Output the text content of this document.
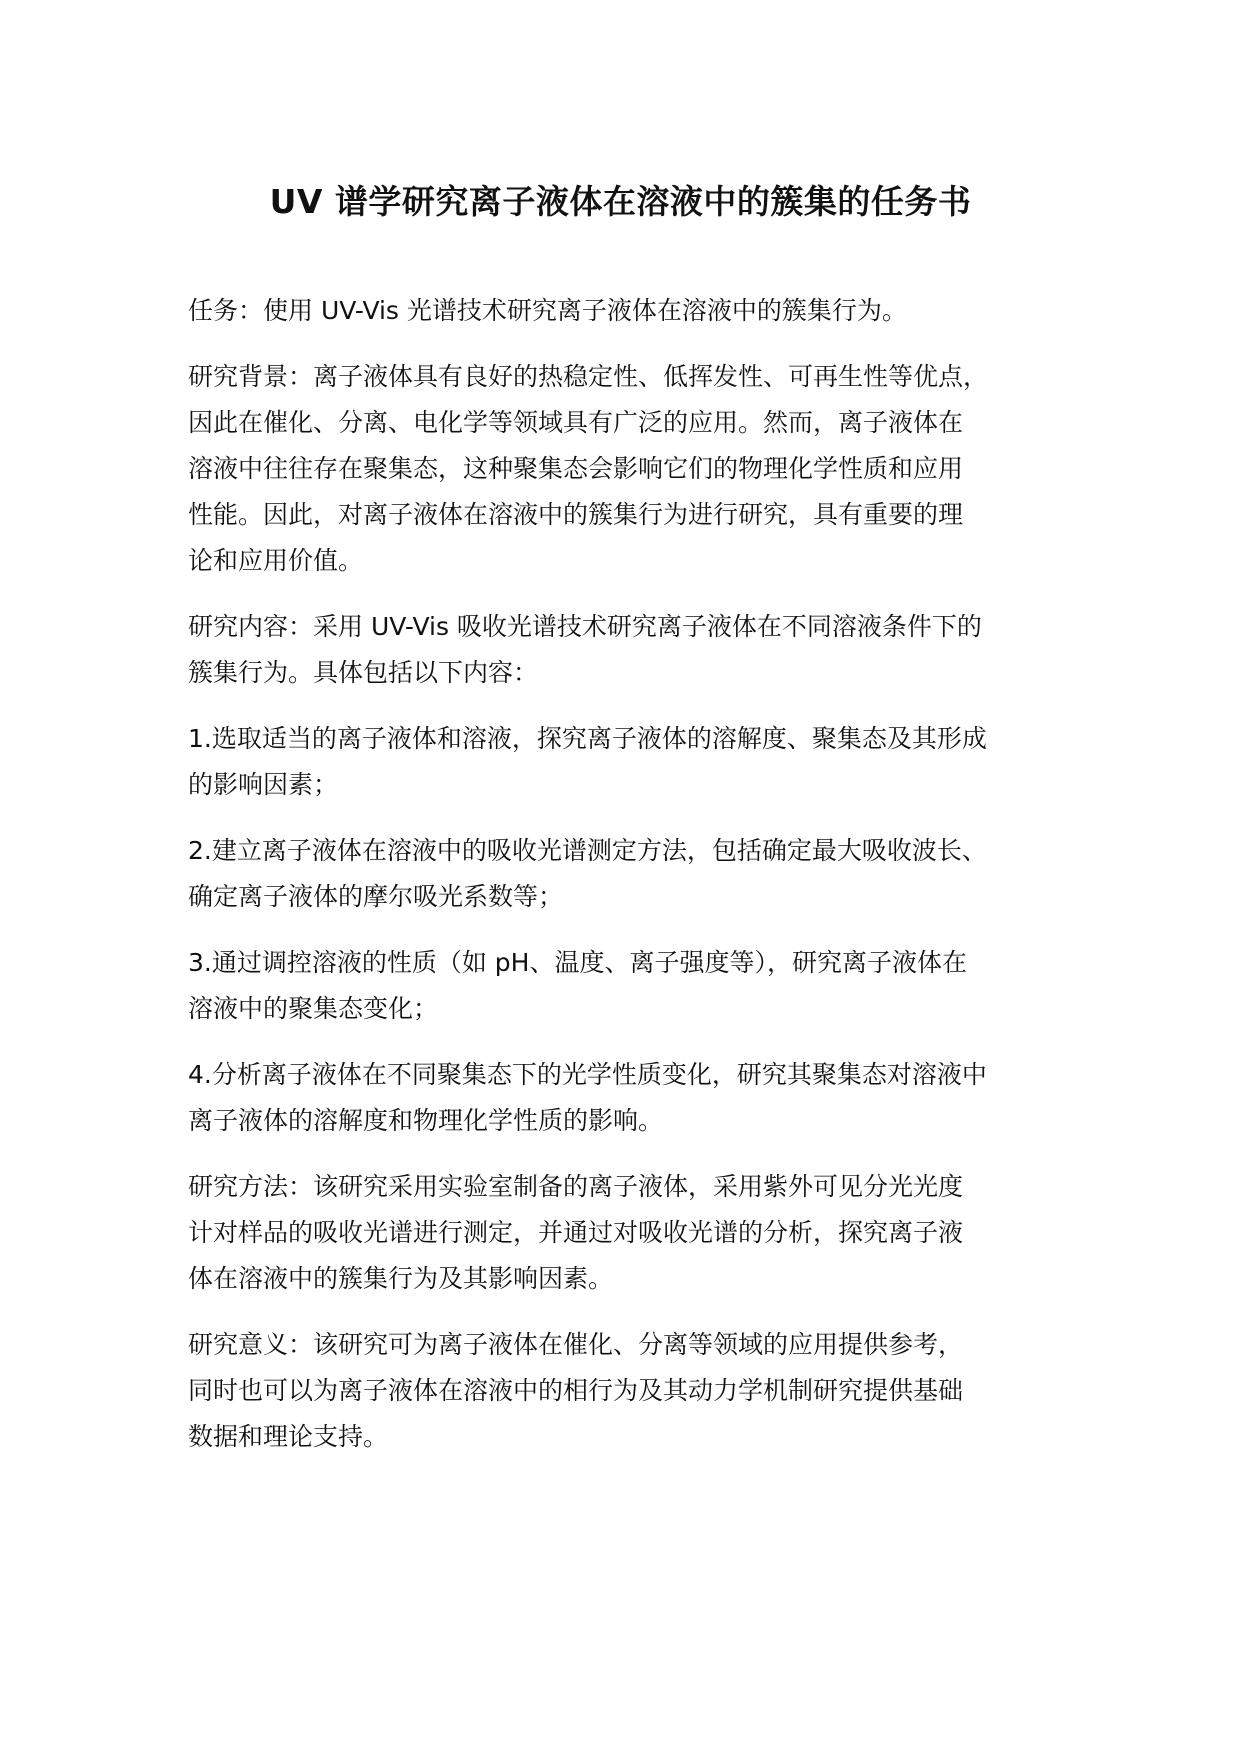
UV 谱学研究离子液体在溶液中的簇集的任务书

任务：使用 UV-Vis 光谱技术研究离子液体在溶液中的簇集行为。

研究背景：离子液体具有良好的热稳定性、低挥发性、可再生性等优点，
因此在催化、分离、电化学等领域具有广泛的应用。然而，离子液体在
溶液中往往存在聚集态，这种聚集态会影响它们的物理化学性质和应用
性能。因此，对离子液体在溶液中的簇集行为进行研究，具有重要的理
论和应用价值。

研究内容：采用 UV-Vis 吸收光谱技术研究离子液体在不同溶液条件下的
簇集行为。具体包括以下内容：

1.选取适当的离子液体和溶液，探究离子液体的溶解度、聚集态及其形成
的影响因素；

2.建立离子液体在溶液中的吸收光谱测定方法，包括确定最大吸收波长、
确定离子液体的摩尔吸光系数等；

3.通过调控溶液的性质（如 pH、温度、离子强度等），研究离子液体在
溶液中的聚集态变化；

4.分析离子液体在不同聚集态下的光学性质变化，研究其聚集态对溶液中
离子液体的溶解度和物理化学性质的影响。

研究方法：该研究采用实验室制备的离子液体，采用紫外可见分光光度
计对样品的吸收光谱进行测定，并通过对吸收光谱的分析，探究离子液
体在溶液中的簇集行为及其影响因素。

研究意义：该研究可为离子液体在催化、分离等领域的应用提供参考，
同时也可以为离子液体在溶液中的相行为及其动力学机制研究提供基础
数据和理论支持。
